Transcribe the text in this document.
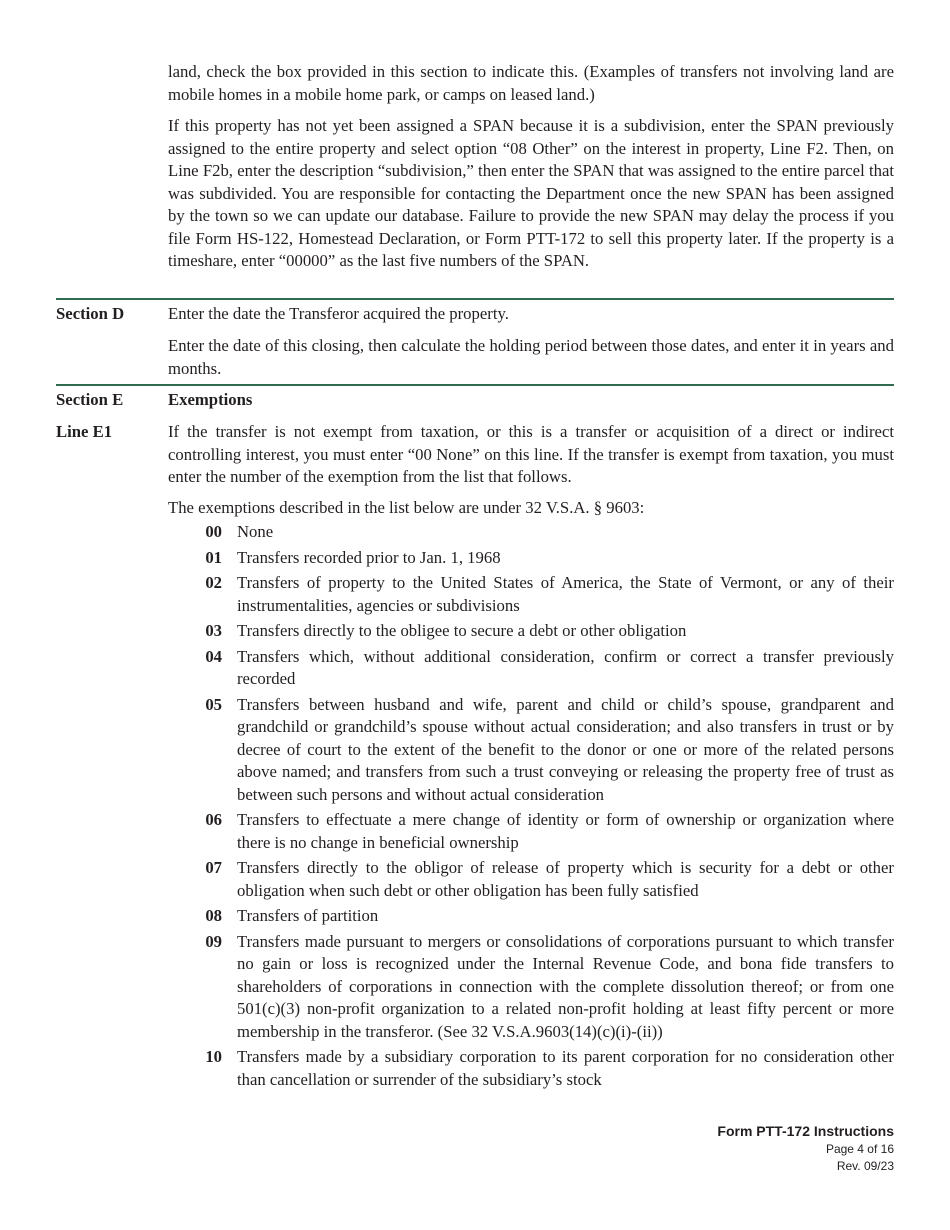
land, check the box provided in this section to indicate this. (Examples of transfers not involving land are mobile homes in a mobile home park, or camps on leased land.)
If this property has not yet been assigned a SPAN because it is a subdivision, enter the SPAN previously assigned to the entire property and select option “08 Other” on the interest in property, Line F2. Then, on Line F2b, enter the description “subdivision,” then enter the SPAN that was assigned to the entire parcel that was subdivided. You are responsible for contacting the Department once the new SPAN has been assigned by the town so we can update our database. Failure to provide the new SPAN may delay the process if you file Form HS-122, Homestead Declaration, or Form PTT-172 to sell this property later. If the property is a timeshare, enter “00000” as the last five numbers of the SPAN.
Section D	Enter the date the Transferor acquired the property.
Enter the date of this closing, then calculate the holding period between those dates, and enter it in years and months.
Section E	Exemptions
Line E1	If the transfer is not exempt from taxation, or this is a transfer or acquisition of a direct or indirect controlling interest, you must enter “00 None” on this line. If the transfer is exempt from taxation, you must enter the number of the exemption from the list that follows.
The exemptions described in the list below are under 32 V.S.A. § 9603:
00 None
01 Transfers recorded prior to Jan. 1, 1968
02 Transfers of property to the United States of America, the State of Vermont, or any of their instrumentalities, agencies or subdivisions
03 Transfers directly to the obligee to secure a debt or other obligation
04 Transfers which, without additional consideration, confirm or correct a transfer previously recorded
05 Transfers between husband and wife, parent and child or child’s spouse, grandparent and grandchild or grandchild’s spouse without actual consideration; and also transfers in trust or by decree of court to the extent of the benefit to the donor or one or more of the related persons above named; and transfers from such a trust conveying or releasing the property free of trust as between such persons and without actual consideration
06 Transfers to effectuate a mere change of identity or form of ownership or organization where there is no change in beneficial ownership
07 Transfers directly to the obligor of release of property which is security for a debt or other obligation when such debt or other obligation has been fully satisfied
08 Transfers of partition
09 Transfers made pursuant to mergers or consolidations of corporations pursuant to which transfer no gain or loss is recognized under the Internal Revenue Code, and bona fide transfers to shareholders of corporations in connection with the complete dissolution thereof; or from one 501(c)(3) non-profit organization to a related non-profit holding at least fifty percent or more membership in the transferor. (See 32 V.S.A.9603(14)(c)(i)-(ii))
10 Transfers made by a subsidiary corporation to its parent corporation for no consideration other than cancellation or surrender of the subsidiary’s stock
Form PTT-172 Instructions
Page 4 of 16
Rev. 09/23
